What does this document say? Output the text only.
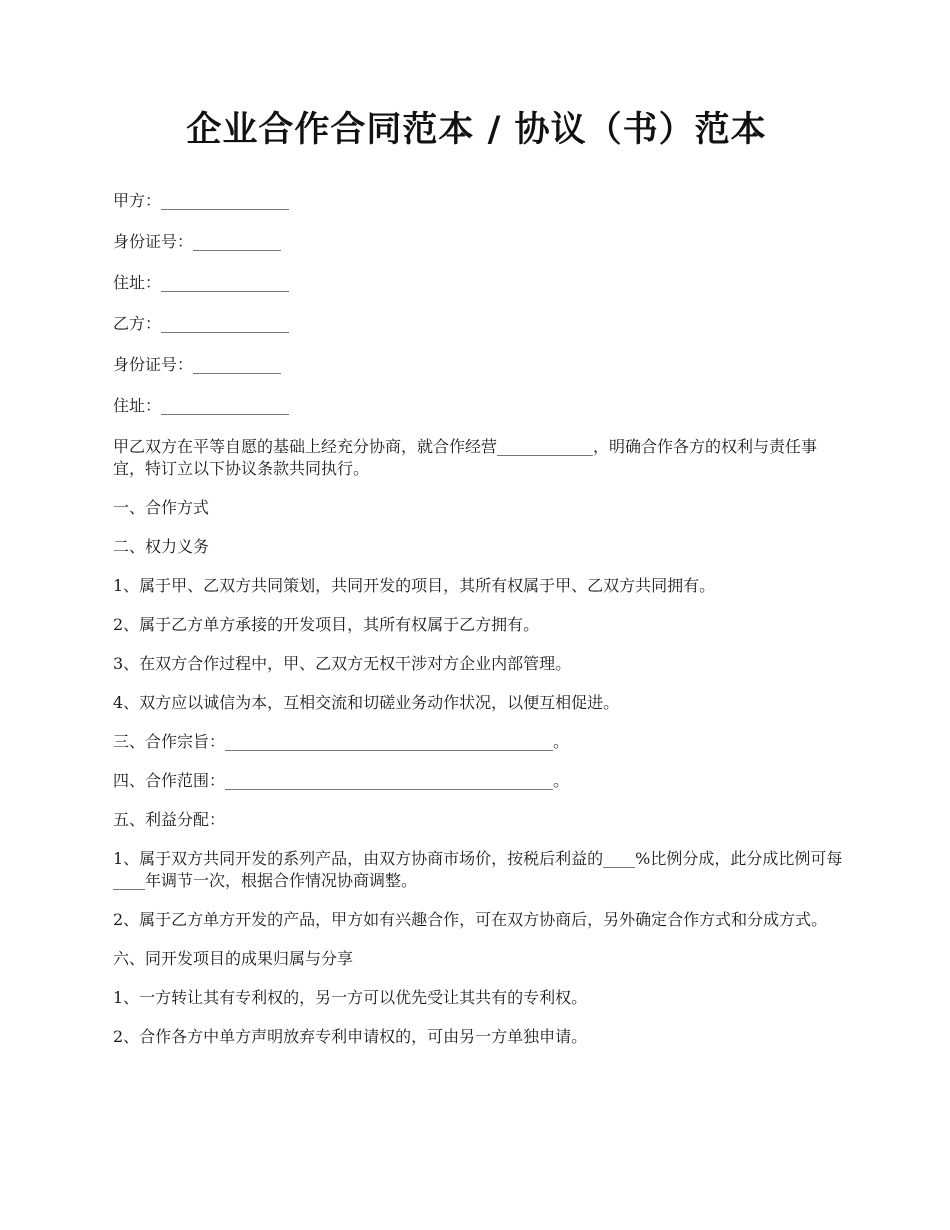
企业合作合同范本 / 协议（书）范本

甲方：________________

身份证号：___________

住址：________________

乙方：________________

身份证号：___________

住址：________________

甲乙双方在平等自愿的基础上经充分协商，就合作经营____________，明确合作各方的权利与责任事宜，特订立以下协议条款共同执行。

一、合作方式

二、权力义务

1、属于甲、乙双方共同策划，共同开发的项目，其所有权属于甲、乙双方共同拥有。

2、属于乙方单方承接的开发项目，其所有权属于乙方拥有。

3、在双方合作过程中，甲、乙双方无权干涉对方企业内部管理。

4、双方应以诚信为本，互相交流和切磋业务动作状况，以便互相促进。

三、合作宗旨：_________________________________________。

四、合作范围：_________________________________________。

五、利益分配：

1、属于双方共同开发的系列产品，由双方协商市场价，按税后利益的____%比例分成，此分成比例可每____年调节一次，根据合作情况协商调整。

2、属于乙方单方开发的产品，甲方如有兴趣合作，可在双方协商后，另外确定合作方式和分成方式。

六、同开发项目的成果归属与分享

1、一方转让其有专利权的，另一方可以优先受让其共有的专利权。

2、合作各方中单方声明放弃专利申请权的，可由另一方单独申请。
